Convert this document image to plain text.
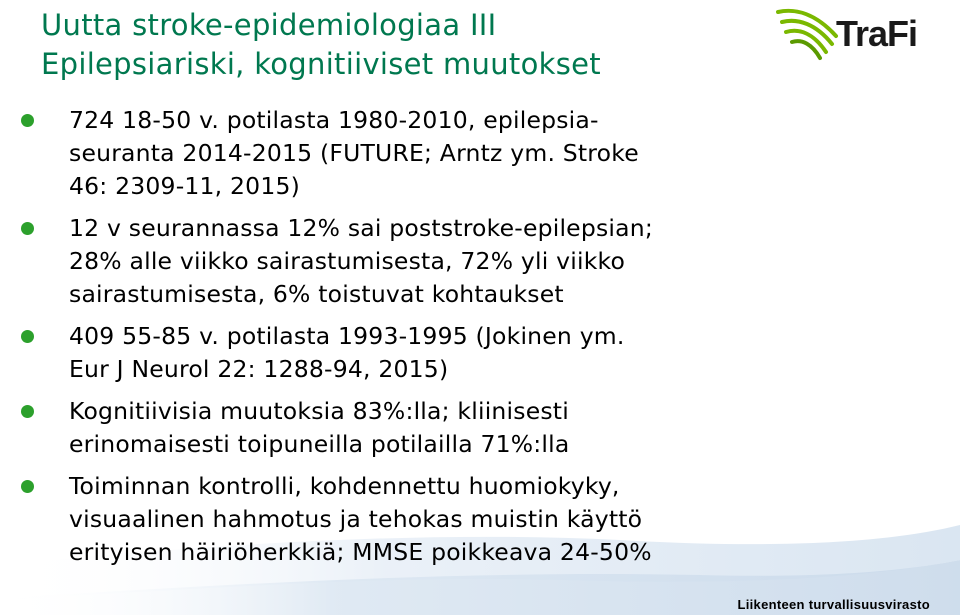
Uutta stroke-epidemiologiaa III
Epilepsiariski, kognitiiviset muutokset
TraFi
724 18-50 v. potilasta 1980-2010, epilepsia-
seuranta 2014-2015 (FUTURE; Arntz ym. Stroke
46: 2309-11, 2015)
12 v seurannassa 12% sai poststroke-epilepsian;
28% alle viikko sairastumisesta, 72% yli viikko
sairastumisesta, 6% toistuvat kohtaukset
409 55-85 v. potilasta 1993-1995 (Jokinen ym.
Eur J Neurol 22: 1288-94, 2015)
Kognitiivisia muutoksia 83%:lla; kliinisesti
erinomaisesti toipuneilla potilailla 71%:lla
Toiminnan kontrolli, kohdennettu huomiokyky,
visuaalinen hahmotus ja tehokas muistin käyttö
erityisen häiriöherkkiä; MMSE poikkeava 24-50%
Liikenteen turvallisuusvirasto
